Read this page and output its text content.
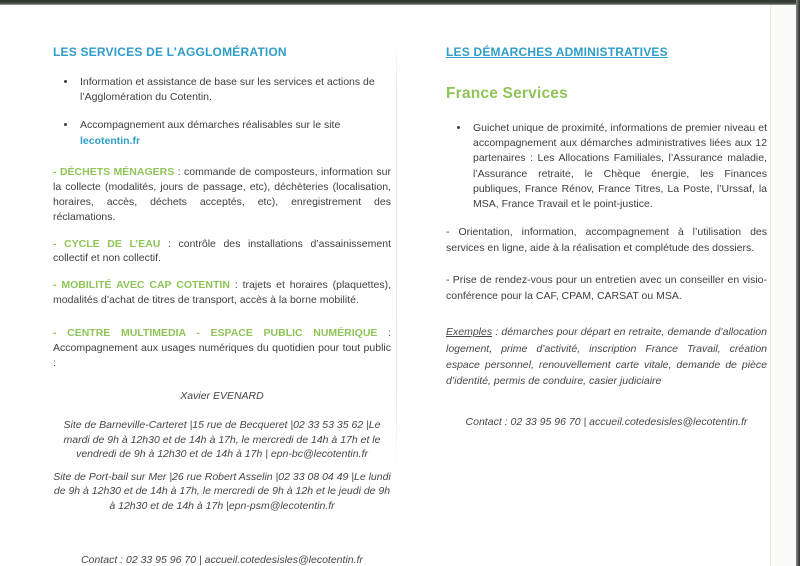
LES SERVICES DE L’AGGLOMÉRATION
• Information et assistance de base sur les services et actions de l’Agglomération du Cotentin.
• Accompagnement aux démarches réalisables sur le site lecotentin.fr

- DÉCHETS MÉNAGERS : commande de composteurs, information sur la collecte (modalités, jours de passage, etc), déchèteries (localisation, horaires, accès, déchets acceptés, etc), enregistrement des réclamations.

- CYCLE DE L’EAU : contrôle des installations d’assainissement collectif et non collectif.

- MOBILITÉ AVEC CAP COTENTIN : trajets et horaires (plaquettes), modalités d’achat de titres de transport, accès à la borne mobilité.

- CENTRE MULTIMEDIA - ESPACE PUBLIC NUMÉRIQUE : Accompagnement aux usages numériques du quotidien pour tout public :

Xavier EVENARD

Site de Barneville-Carteret |15 rue de Becqueret |02 33 53 35 62 |Le mardi de 9h à 12h30 et de 14h à 17h, le mercredi de 14h à 17h et le vendredi de 9h à 12h30 et de 14h à 17h | epn-bc@lecotentin.fr

Site de Port-bail sur Mer |26 rue Robert Asselin |02 33 08 04 49 |Le lundi de 9h à 12h30 et de 14h à 17h, le mercredi de 9h à 12h et le jeudi de 9h à 12h30 et de 14h à 17h |epn-psm@lecotentin.fr

Contact : 02 33 95 96 70 | accueil.cotedesisles@lecotentin.fr

LES DÉMARCHES ADMINISTRATIVES
France Services
• Guichet unique de proximité, informations de premier niveau et accompagnement aux démarches administratives liées aux 12 partenaires : Les Allocations Familiales, l’Assurance maladie, l’Assurance retraite, le Chèque énergie, les Finances publiques, France Rénov, France Titres, La Poste, l’Urssaf, la MSA, France Travail et le point-justice.

- Orientation, information, accompagnement à l’utilisation des services en ligne, aide à la réalisation et complétude des dossiers.

- Prise de rendez-vous pour un entretien avec un conseiller en visio-conférence pour la CAF, CPAM, CARSAT ou MSA.

Exemples : démarches pour départ en retraite, demande d’allocation logement, prime d’activité, inscription France Travail, création espace personnel, renouvellement carte vitale, demande de pièce d’identité, permis de conduire, casier judiciaire

Contact : 02 33 95 96 70 | accueil.cotedesisles@lecotentin.fr
